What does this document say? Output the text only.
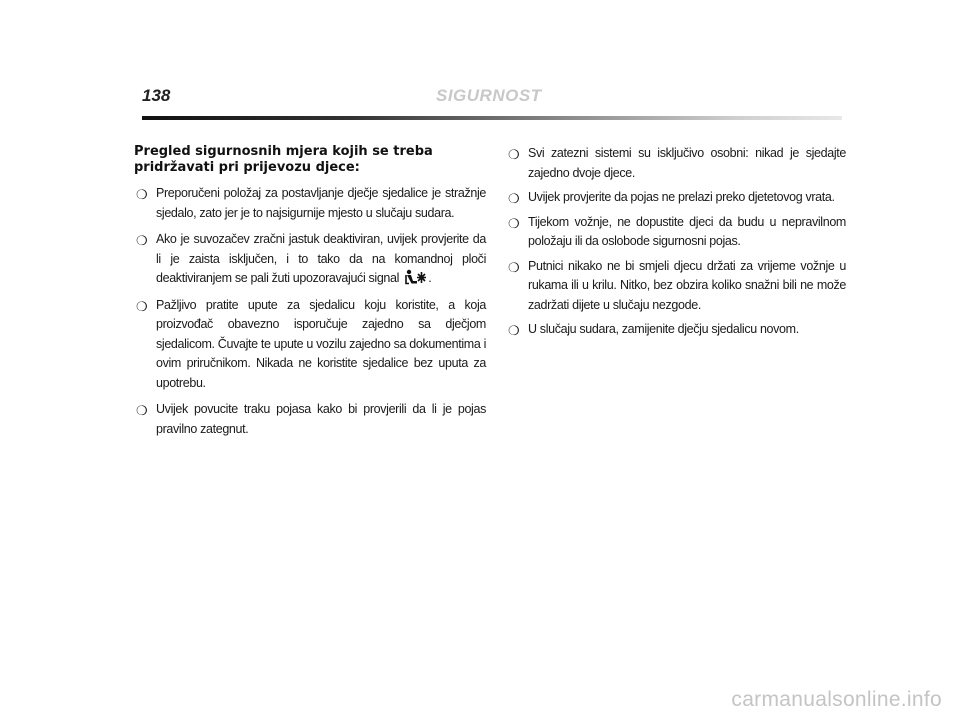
138	SIGURNOST
Pregled sigurnosnih mjera kojih se treba
pridržavati pri prijevozu djece:
❍ Preporučeni položaj za postavljanje dječje sjedalice je stražnje sjedalo, zato jer je to najsigurnije mjesto u slučaju sudara.
❍ Ako je suvozačev zračni jastuk deaktiviran, uvijek provjerite da li je zaista isključen, i to tako da na komandnoj ploči deaktiviranjem se pali žuti upozoravajući signal .
❍ Pažljivo pratite upute za sjedalicu koju koristite, a koja proizvođač obavezno isporučuje zajedno sa dječjom sjedalicom. Čuvajte te upute u vozilu zajedno sa dokumentima i ovim priručnikom. Nikada ne koristite sjedalice bez uputa za upotrebu.
❍ Uvijek povucite traku pojasa kako bi provjerili da li je pojas pravilno zategnut.
❍ Svi zatezni sistemi su isključivo osobni: nikad je sjedajte zajedno dvoje djece.
❍ Uvijek provjerite da pojas ne prelazi preko djetetovog vrata.
❍ Tijekom vožnje, ne dopustite djeci da budu u nepravilnom položaju ili da oslobode sigurnosni pojas.
❍ Putnici nikako ne bi smjeli djecu držati za vrijeme vožnje u rukama ili u krilu. Nitko, bez obzira koliko snažni bili ne može zadržati dijete u slučaju nezgode.
❍ U slučaju sudara, zamijenite dječju sjedalicu novom.
carmanualsonline.info
